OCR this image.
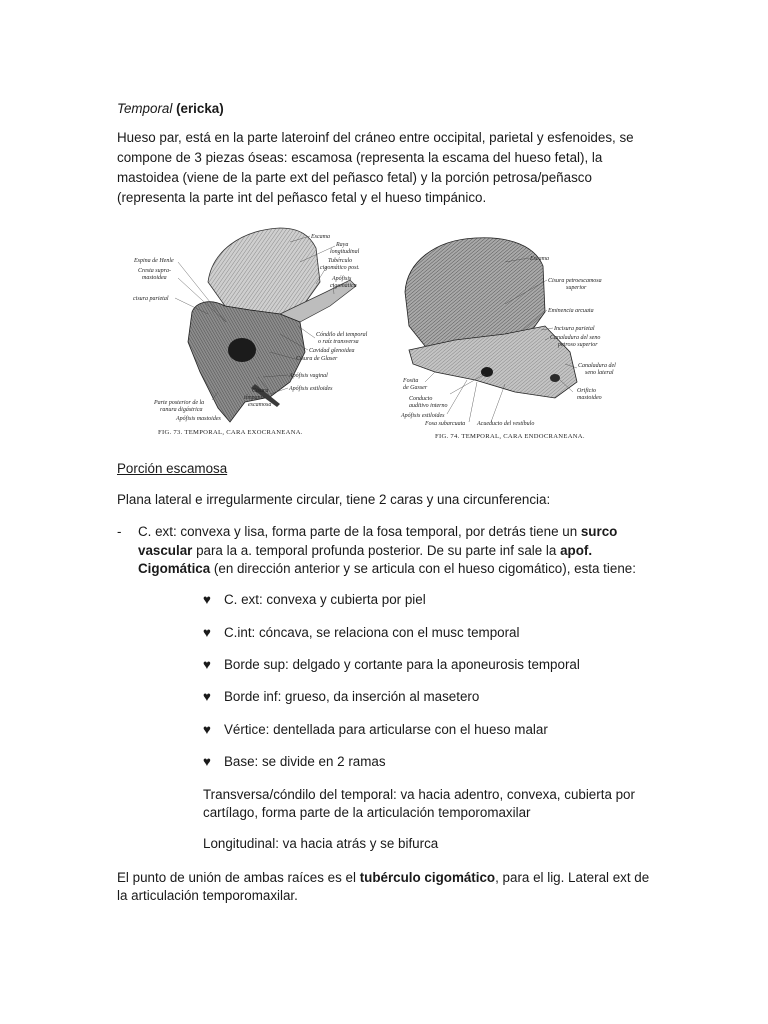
Temporal (ericka)

Hueso par, está en la parte lateroinf del cráneo entre occipital, parietal y esfenoides, se compone de 3 piezas óseas: escamosa (representa la escama del hueso fetal), la mastoidea (viene de la parte ext del peñasco fetal) y la porción petrosa/peñasco (representa la parte int del peñasco fetal y el hueso timpánico.

Escama
Raya
longitudinal
Tubérculo
cigomático post.
Apófisis
cigomática
Espina de Henle
Cresta supra-
mastoidea
cisura parietal
Cóndilo del temporal
o raíz transversa
Cavidad glenoidea
Cisura de Glaser
Apófisis vaginal
Apófisis estiloides
Cisura
tímpano-
escamosa
Parte posterior de la
ranura digástrica
Apófisis mastoides
FIG. 73. TEMPORAL, CARA EXOCRANEANA.
Escama
Cisura petroescamosa
superior
Eminencia arcuata
Incisura parietal
Canaladura del seno
petroso superior
Canaladura del
seno lateral
Orificio
mastoideo
Fosita
de Gasser
Conducto
auditivo interno
Apófisis estiloides
Fosa subarcuata Acueducto del vestíbulo
FIG. 74. TEMPORAL, CARA ENDOCRANEANA.

Porción escamosa

Plana lateral e irregularmente circular, tiene 2 caras y una circunferencia:

- C. ext: convexa y lisa, forma parte de la fosa temporal, por detrás tiene un surco vascular para la a. temporal profunda posterior. De su parte inf sale la apof. Cigomática (en dirección anterior y se articula con el hueso cigomático), esta tiene:
♥ C. ext: convexa y cubierta por piel
♥ C.int: cóncava, se relaciona con el musc temporal
♥ Borde sup: delgado y cortante para la aponeurosis temporal
♥ Borde inf: grueso, da inserción al masetero
♥ Vértice: dentellada para articularse con el hueso malar
♥ Base: se divide en 2 ramas

Transversa/cóndilo del temporal: va hacia adentro, convexa, cubierta por cartílago, forma parte de la articulación temporomaxilar

Longitudinal: va hacia atrás y se bifurca

El punto de unión de ambas raíces es el tubérculo cigomático, para el lig. Lateral ext de la articulación temporomaxilar.
